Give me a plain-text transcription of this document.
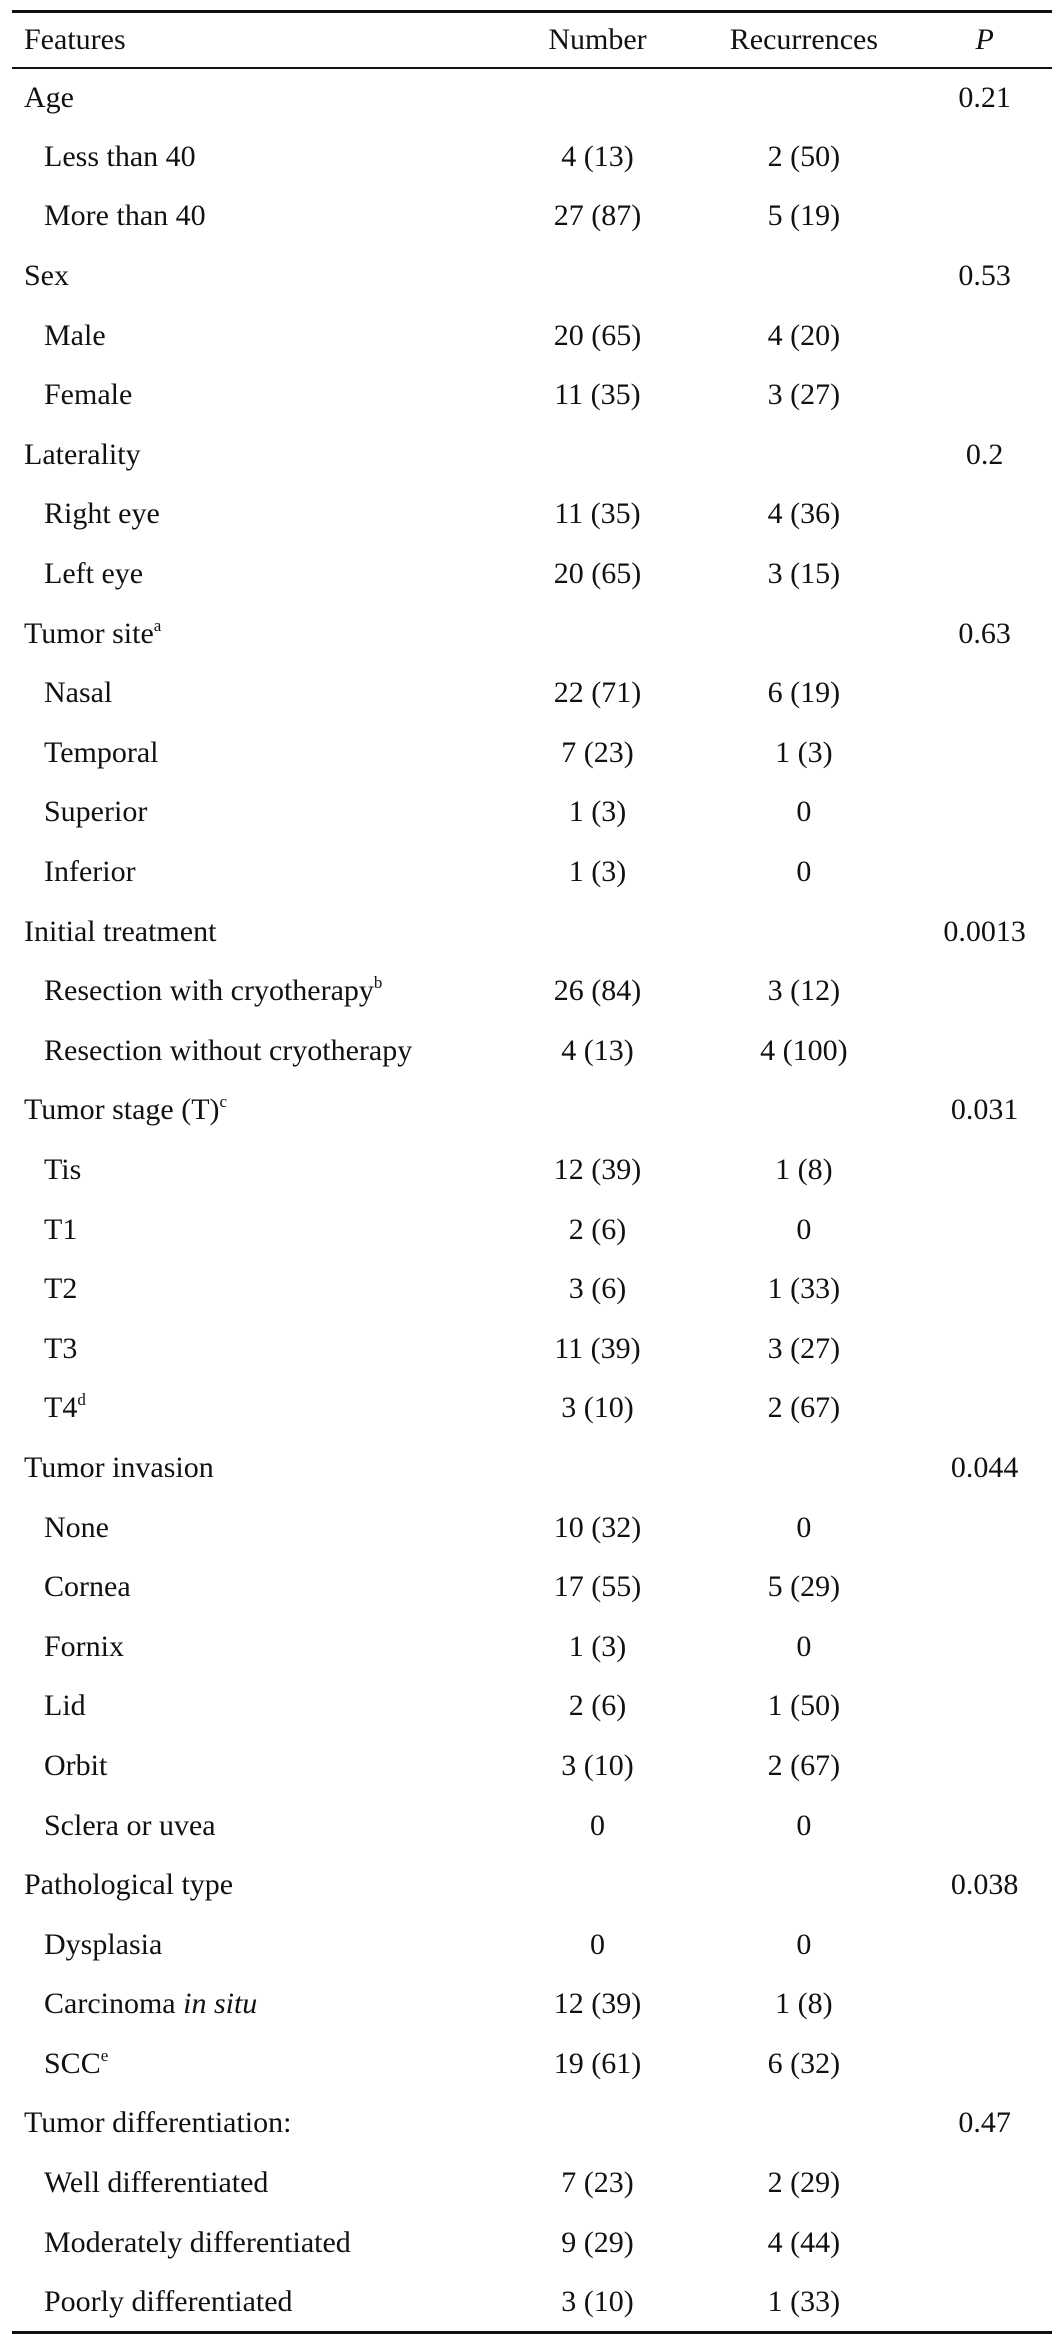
Features	Number	Recurrences	P
Age			0.21
Less than 40	4 (13)	2 (50)	
More than 40	27 (87)	5 (19)	
Sex			0.53
Male	20 (65)	4 (20)	
Female	11 (35)	3 (27)	
Laterality			0.2
Right eye	11 (35)	4 (36)	
Left eye	20 (65)	3 (15)	
Tumor site$^a$			0.63
Nasal	22 (71)	6 (19)	
Temporal	7 (23)	1 (3)	
Superior	1 (3)	0	
Inferior	1 (3)	0	
Initial treatment			0.0013
Resection with cryotherapy$^b$	26 (84)	3 (12)	
Resection without cryotherapy	4 (13)	4 (100)	
Tumor stage $(T)^c$			0.031
Tis	12 (39)	1 (8)	
T1	2 (6)	0	
T2	3 (6)	1 (33)	
T3	11 (39)	3 (27)	
T4$^d$	3 (10)	2 (67)	
Tumor invasion			0.044
None	10 (32)	0	
Cornea	17 (55)	5 (29)	
Fornix	1 (3)	0	
Lid	2 (6)	1 (50)	
Orbit	3 (10)	2 (67)	
Sclera or uvea	0	0	
Pathological type			0.038
Dysplasia	0	0	
Carcinoma in situ	12 (39)	1 (8)	
SCC$^e$	19 (61)	6 (32)	
Tumor differentiation:			0.47
Well differentiated	7 (23)	2 (29)	
Moderately differentiated	9 (29)	4 (44)	
Poorly differentiated	3 (10)	1 (33)	
